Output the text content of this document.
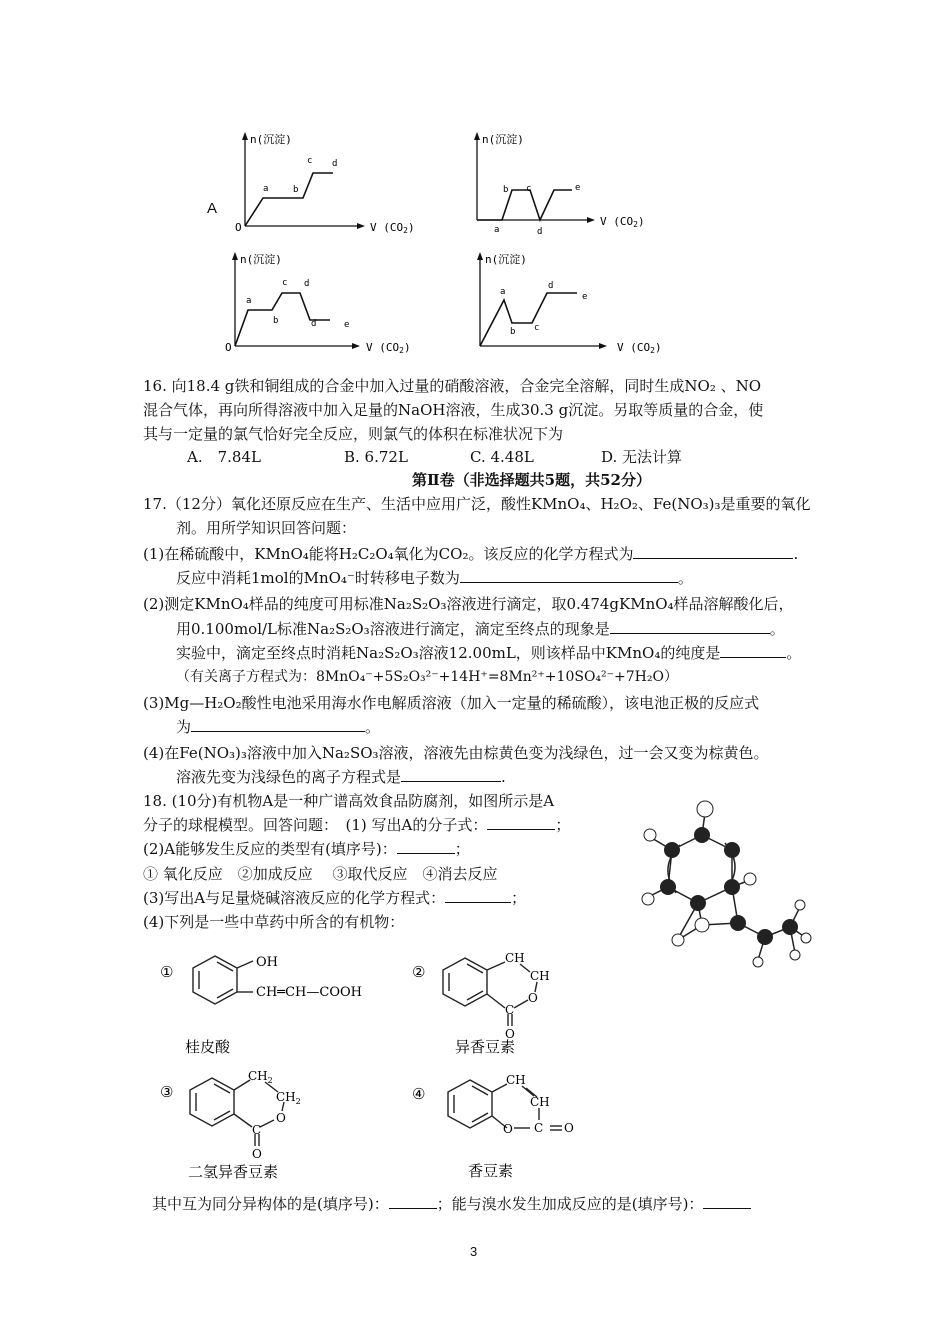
A
n(沉淀)
O	V (CO2)
a	b
c d
n(沉淀)
V (CO2)
a
b c
d
e
n(沉淀)
O	V (CO2)
a
b
c d
d	e
n(沉淀)
V (CO2)
a
b c
d
e
16. 向18.4 g铁和铜组成的合金中加入过量的硝酸溶液，合金完全溶解，同时生成NO₂ 、NO
混合气体，再向所得溶液中加入足量的NaOH溶液，生成30.3 g沉淀。另取等质量的合金，使
其与一定量的氯气恰好完全反应，则氯气的体积在标准状况下为
A.　7.84L	B. 6.72L	C. 4.48L	D. 无法计算
第Ⅱ卷（非选择题共5题，共52分）
17.（12分）氧化还原反应在生产、生活中应用广泛，酸性KMnO₄、H₂O₂、Fe(NO₃)₃是重要的氧化
剂。用所学知识回答问题：
(1)在稀硫酸中，KMnO₄能将H₂C₂O₄氧化为CO₂。该反应的化学方程式为	.
反应中消耗1mol的MnO₄⁻时转移电子数为	。
(2)测定KMnO₄样品的纯度可用标准Na₂S₂O₃溶液进行滴定，取0.474gKMnO₄样品溶解酸化后，
用0.100mol/L标准Na₂S₂O₃溶液进行滴定，滴定至终点的现象是	。
实验中，滴定至终点时消耗Na₂S₂O₃溶液12.00mL，则该样品中KMnO₄的纯度是	。
（有关离子方程式为：8MnO₄⁻+5S₂O₃²⁻+14H⁺=8Mn²⁺+10SO₄²⁻+7H₂O）
(3)Mg—H₂O₂酸性电池采用海水作电解质溶液（加入一定量的稀硫酸），该电池正极的反应式
为	。
(4)在Fe(NO₃)₃溶液中加入Na₂SO₃溶液，溶液先由棕黄色变为浅绿色，过一会又变为棕黄色。
溶液先变为浅绿色的离子方程式是	.
18. (10分)有机物A是一种广谱高效食品防腐剂，如图所示是A
分子的球棍模型。回答问题：　(1) 写出A的分子式：	；
(2)A能够发生反应的类型有(填序号)：	；
① 氧化反应　②加成反应　 ③取代反应　④消去反应
(3)写出A与足量烧碱溶液反应的化学方程式：	；
(4)下列是一些中草药中所含的有机物：
①
OH
CH═CH—COOH
桂皮酸
②
CH
CH
O
C
O
异香豆素
③
$CH_2$
$CH_2$
O
C
O
二氢异香豆素
④
CH
CH
O C O
香豆素
其中互为同分异构体的是(填序号)：	；能与溴水发生加成反应的是(填序号)：
3
